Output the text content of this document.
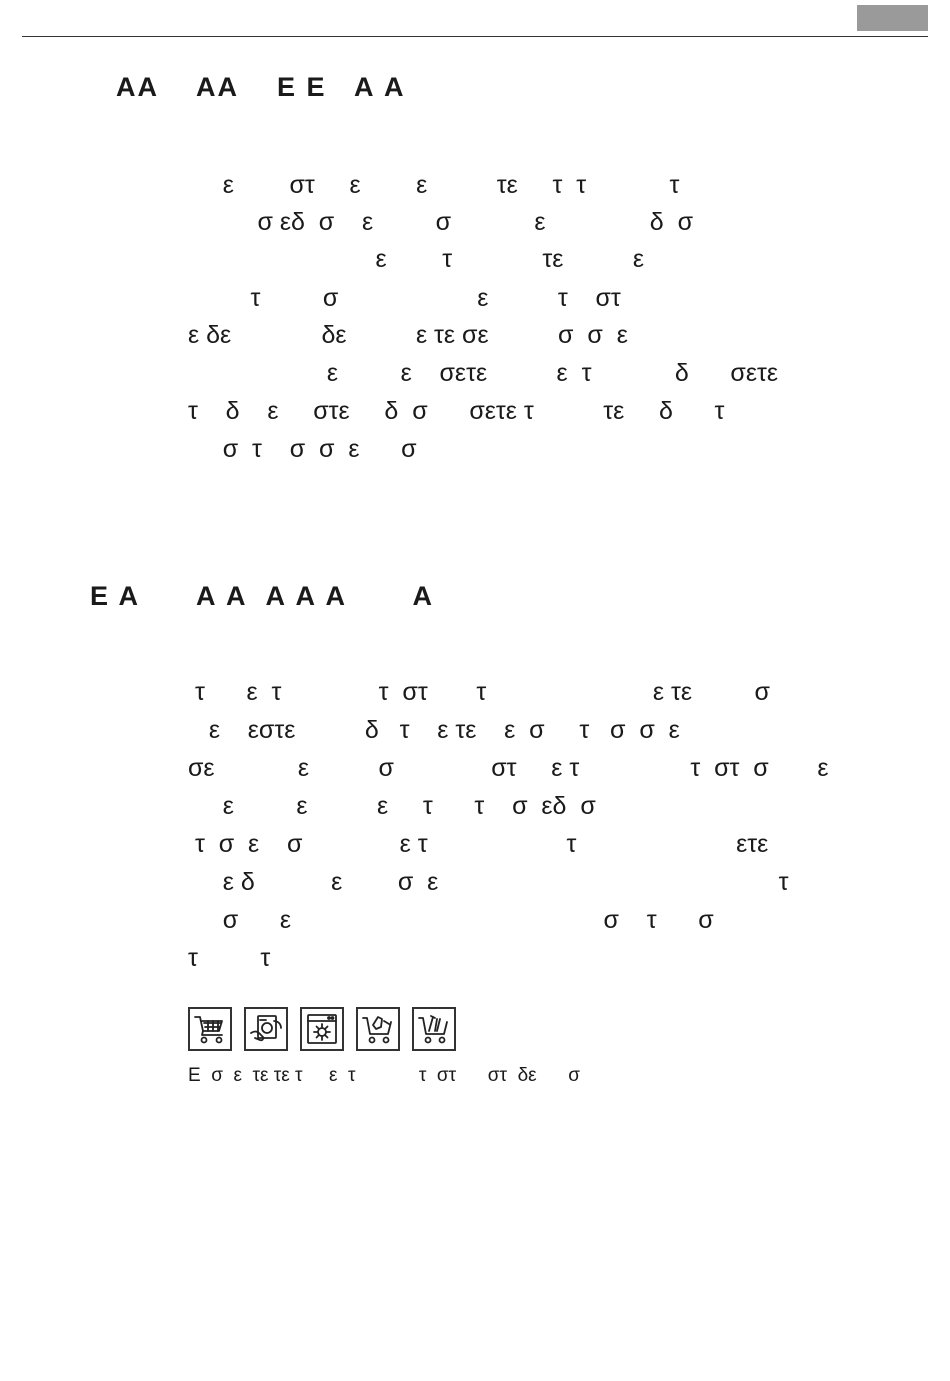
ΑΑ    ΑΑ    Ε Ε   Α Α

ε        στ     ε        ε          τε     τ  τ            τ

σ εδ  σ    ε         σ            ε               δ  σ

ε        τ             τε          ε

τ         σ                    ε          τ    στ

ε δε             δε          ε τε σε          σ  σ  ε

ε         ε    σετε          ε  τ            δ      σετε

τ    δ    ε     στε     δ  σ      σετε τ          τε     δ      τ

σ  τ    σ  σ  ε      σ

Ε Α      Α Α  Α Α Α       Α

τ      ε  τ              τ  στ       τ                        ε τε         σ

ε    εστε          δ   τ    ε τε    ε  σ     τ   σ  σ  ε

σε            ε          σ              στ     ε τ                τ  στ  σ       ε

ε         ε          ε     τ      τ    σ  εδ  σ

τ  σ  ε    σ              ε τ                    τ                       ετε

ε δ           ε        σ  ε                                                 τ

σ      ε                                             σ    τ      σ

τ         τ

Ε  σ  ε  τε τε τ     ε  τ            τ  στ      στ  δε      σ
